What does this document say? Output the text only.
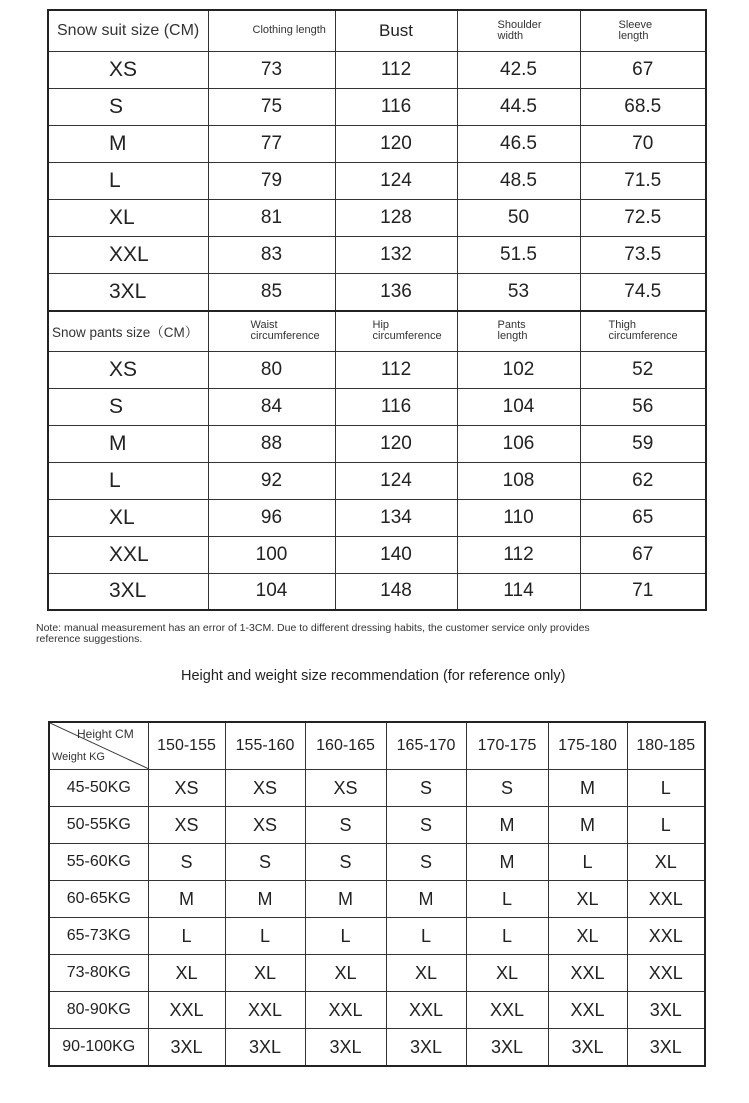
Snow suit size (CM)	Clothing length	Bust	Shoulder width	Sleeve length
XS	73	112	42.5	67
S	75	116	44.5	68.5
M	77	120	46.5	70
L	79	124	48.5	71.5
XL	81	128	50	72.5
XXL	83	132	51.5	73.5
3XL	85	136	53	74.5
Snow pants size（CM）	Waist circumference	Hip circumference	Pants length	Thigh circumference
XS	80	112	102	52
S	84	116	104	56
M	88	120	106	59
L	92	124	108	62
XL	96	134	110	65
XXL	100	140	112	67
3XL	104	148	114	71
Note: manual measurement has an error of 1-3CM. Due to different dressing habits, the customer service only provides reference suggestions.
Height and weight size recommendation (for reference only)
Height CM
Weight KG	150-155	155-160	160-165	165-170	170-175	175-180	180-185
45-50KG	XS	XS	XS	S	S	M	L
50-55KG	XS	XS	S	S	M	M	L
55-60KG	S	S	S	S	M	L	XL
60-65KG	M	M	M	M	L	XL	XXL
65-73KG	L	L	L	L	L	XL	XXL
73-80KG	XL	XL	XL	XL	XL	XXL	XXL
80-90KG	XXL	XXL	XXL	XXL	XXL	XXL	3XL
90-100KG	3XL	3XL	3XL	3XL	3XL	3XL	3XL
